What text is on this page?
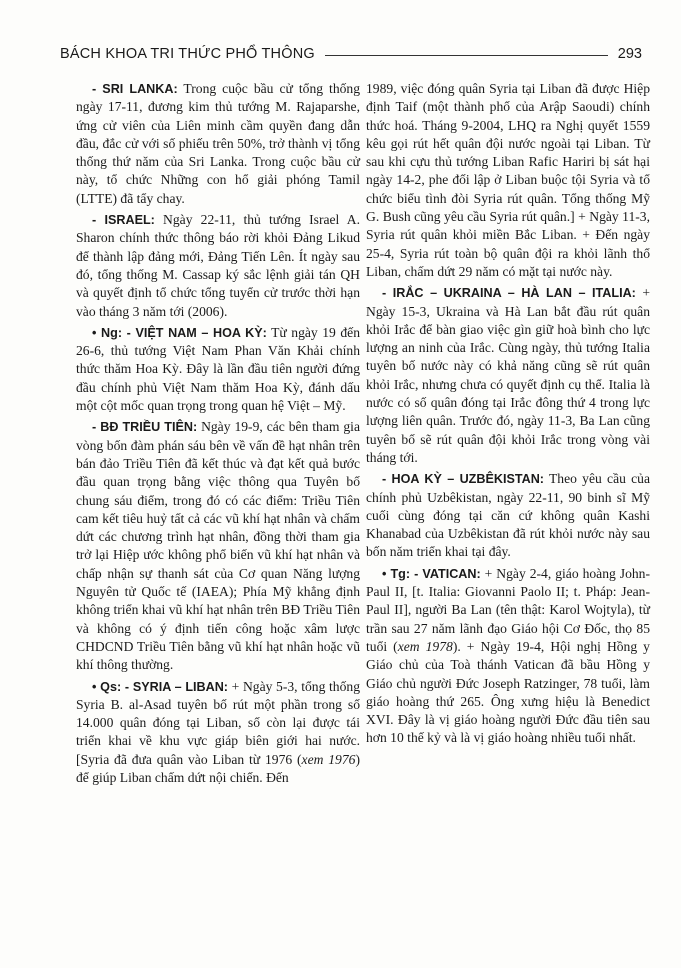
BÁCH KHOA TRI THỨC PHỔ THÔNG	293

- SRI LANKA: Trong cuộc bầu cử tổng thống ngày 17-11, đương kim thủ tướng M. Rajaparshe, ứng cử viên của Liên minh cầm quyền đang dẫn đầu, đắc cử với số phiếu trên 50%, trở thành vị tổng thống thứ năm của Sri Lanka. Trong cuộc bầu cử này, tổ chức Những con hổ giải phóng Tamil (LTTE) đã tẩy chay.

- ISRAEL: Ngày 22-11, thủ tướng Israel A. Sharon chính thức thông báo rời khỏi Đảng Likud để thành lập đảng mới, Đảng Tiến Lên. Ít ngày sau đó, tổng thống M. Cassap ký sắc lệnh giải tán QH và quyết định tổ chức tổng tuyển cử trước thời hạn vào tháng 3 năm tới (2006).

• Ng: - VIỆT NAM – HOA KỲ: Từ ngày 19 đến 26-6, thủ tướng Việt Nam Phan Văn Khải chính thức thăm Hoa Kỳ. Đây là lần đầu tiên người đứng đầu chính phủ Việt Nam thăm Hoa Kỳ, đánh dấu một cột mốc quan trọng trong quan hệ Việt – Mỹ.

- BĐ TRIỀU TIÊN: Ngày 19-9, các bên tham gia vòng bốn đàm phán sáu bên về vấn đề hạt nhân trên bán đảo Triều Tiên đã kết thúc và đạt kết quả bước đầu quan trọng bằng việc thông qua Tuyên bố chung sáu điểm, trong đó có các điểm: Triều Tiên cam kết tiêu huỷ tất cả các vũ khí hạt nhân và chấm dứt các chương trình hạt nhân, đồng thời tham gia trở lại Hiệp ước không phổ biến vũ khí hạt nhân và chấp nhận sự thanh sát của Cơ quan Năng lượng Nguyên tử Quốc tế (IAEA); Phía Mỹ khẳng định không triển khai vũ khí hạt nhân trên BĐ Triều Tiên và không có ý định tiến công hoặc xâm lược CHDCND Triều Tiên bằng vũ khí hạt nhân hoặc vũ khí thông thường.

• Qs: - SYRIA – LIBAN: + Ngày 5-3, tổng thống Syria B. al-Asad tuyên bố rút một phần trong số 14.000 quân đóng tại Liban, số còn lại được tái triển khai về khu vực giáp biên giới hai nước. [Syria đã đưa quân vào Liban từ 1976 (xem 1976) để giúp Liban chấm dứt nội chiến. Đến

1989, việc đóng quân Syria tại Liban đã được Hiệp định Taif (một thành phố của Arập Saoudi) chính thức hoá. Tháng 9-2004, LHQ ra Nghị quyết 1559 kêu gọi rút hết quân đội nước ngoài tại Liban. Từ sau khi cựu thủ tướng Liban Rafic Hariri bị sát hại ngày 14-2, phe đối lập ở Liban buộc tội Syria và tổ chức biểu tình đòi Syria rút quân. Tổng thống Mỹ G. Bush cũng yêu cầu Syria rút quân.] + Ngày 11-3, Syria rút quân khỏi miền Bắc Liban. + Đến ngày 25-4, Syria rút toàn bộ quân đội ra khỏi lãnh thổ Liban, chấm dứt 29 năm có mặt tại nước này.

- IRẮC – UKRAINA – HÀ LAN – ITALIA: + Ngày 15-3, Ukraina và Hà Lan bắt đầu rút quân khỏi Irắc để bàn giao việc gìn giữ hoà bình cho lực lượng an ninh của Irắc. Cùng ngày, thủ tướng Italia tuyên bố nước này có khả năng cũng sẽ rút quân khỏi Irắc, nhưng chưa có quyết định cụ thể. Italia là nước có số quân đóng tại Irắc đông thứ 4 trong lực lượng liên quân. Trước đó, ngày 11-3, Ba Lan cũng tuyên bố sẽ rút quân đội khỏi Irắc trong vòng vài tháng tới.

- HOA KỲ – UZBÊKISTAN: Theo yêu cầu của chính phủ Uzbêkistan, ngày 22-11, 90 binh sĩ Mỹ cuối cùng đóng tại căn cứ không quân Kashi Khanabad của Uzbêkistan đã rút khỏi nước này sau bốn năm triển khai tại đây.

• Tg: - VATICAN: + Ngày 2-4, giáo hoàng John-Paul II, [t. Italia: Giovanni Paolo II; t. Pháp: Jean-Paul II], người Ba Lan (tên thật: Karol Wojtyla), từ trần sau 27 năm lãnh đạo Giáo hội Cơ Đốc, thọ 85 tuổi (xem 1978). + Ngày 19-4, Hội nghị Hồng y Giáo chủ của Toà thánh Vatican đã bầu Hồng y Giáo chủ người Đức Joseph Ratzinger, 78 tuổi, làm giáo hoàng thứ 265. Ông xưng hiệu là Benedict XVI. Đây là vị giáo hoàng người Đức đầu tiên sau hơn 10 thế kỷ và là vị giáo hoàng nhiều tuổi nhất.
